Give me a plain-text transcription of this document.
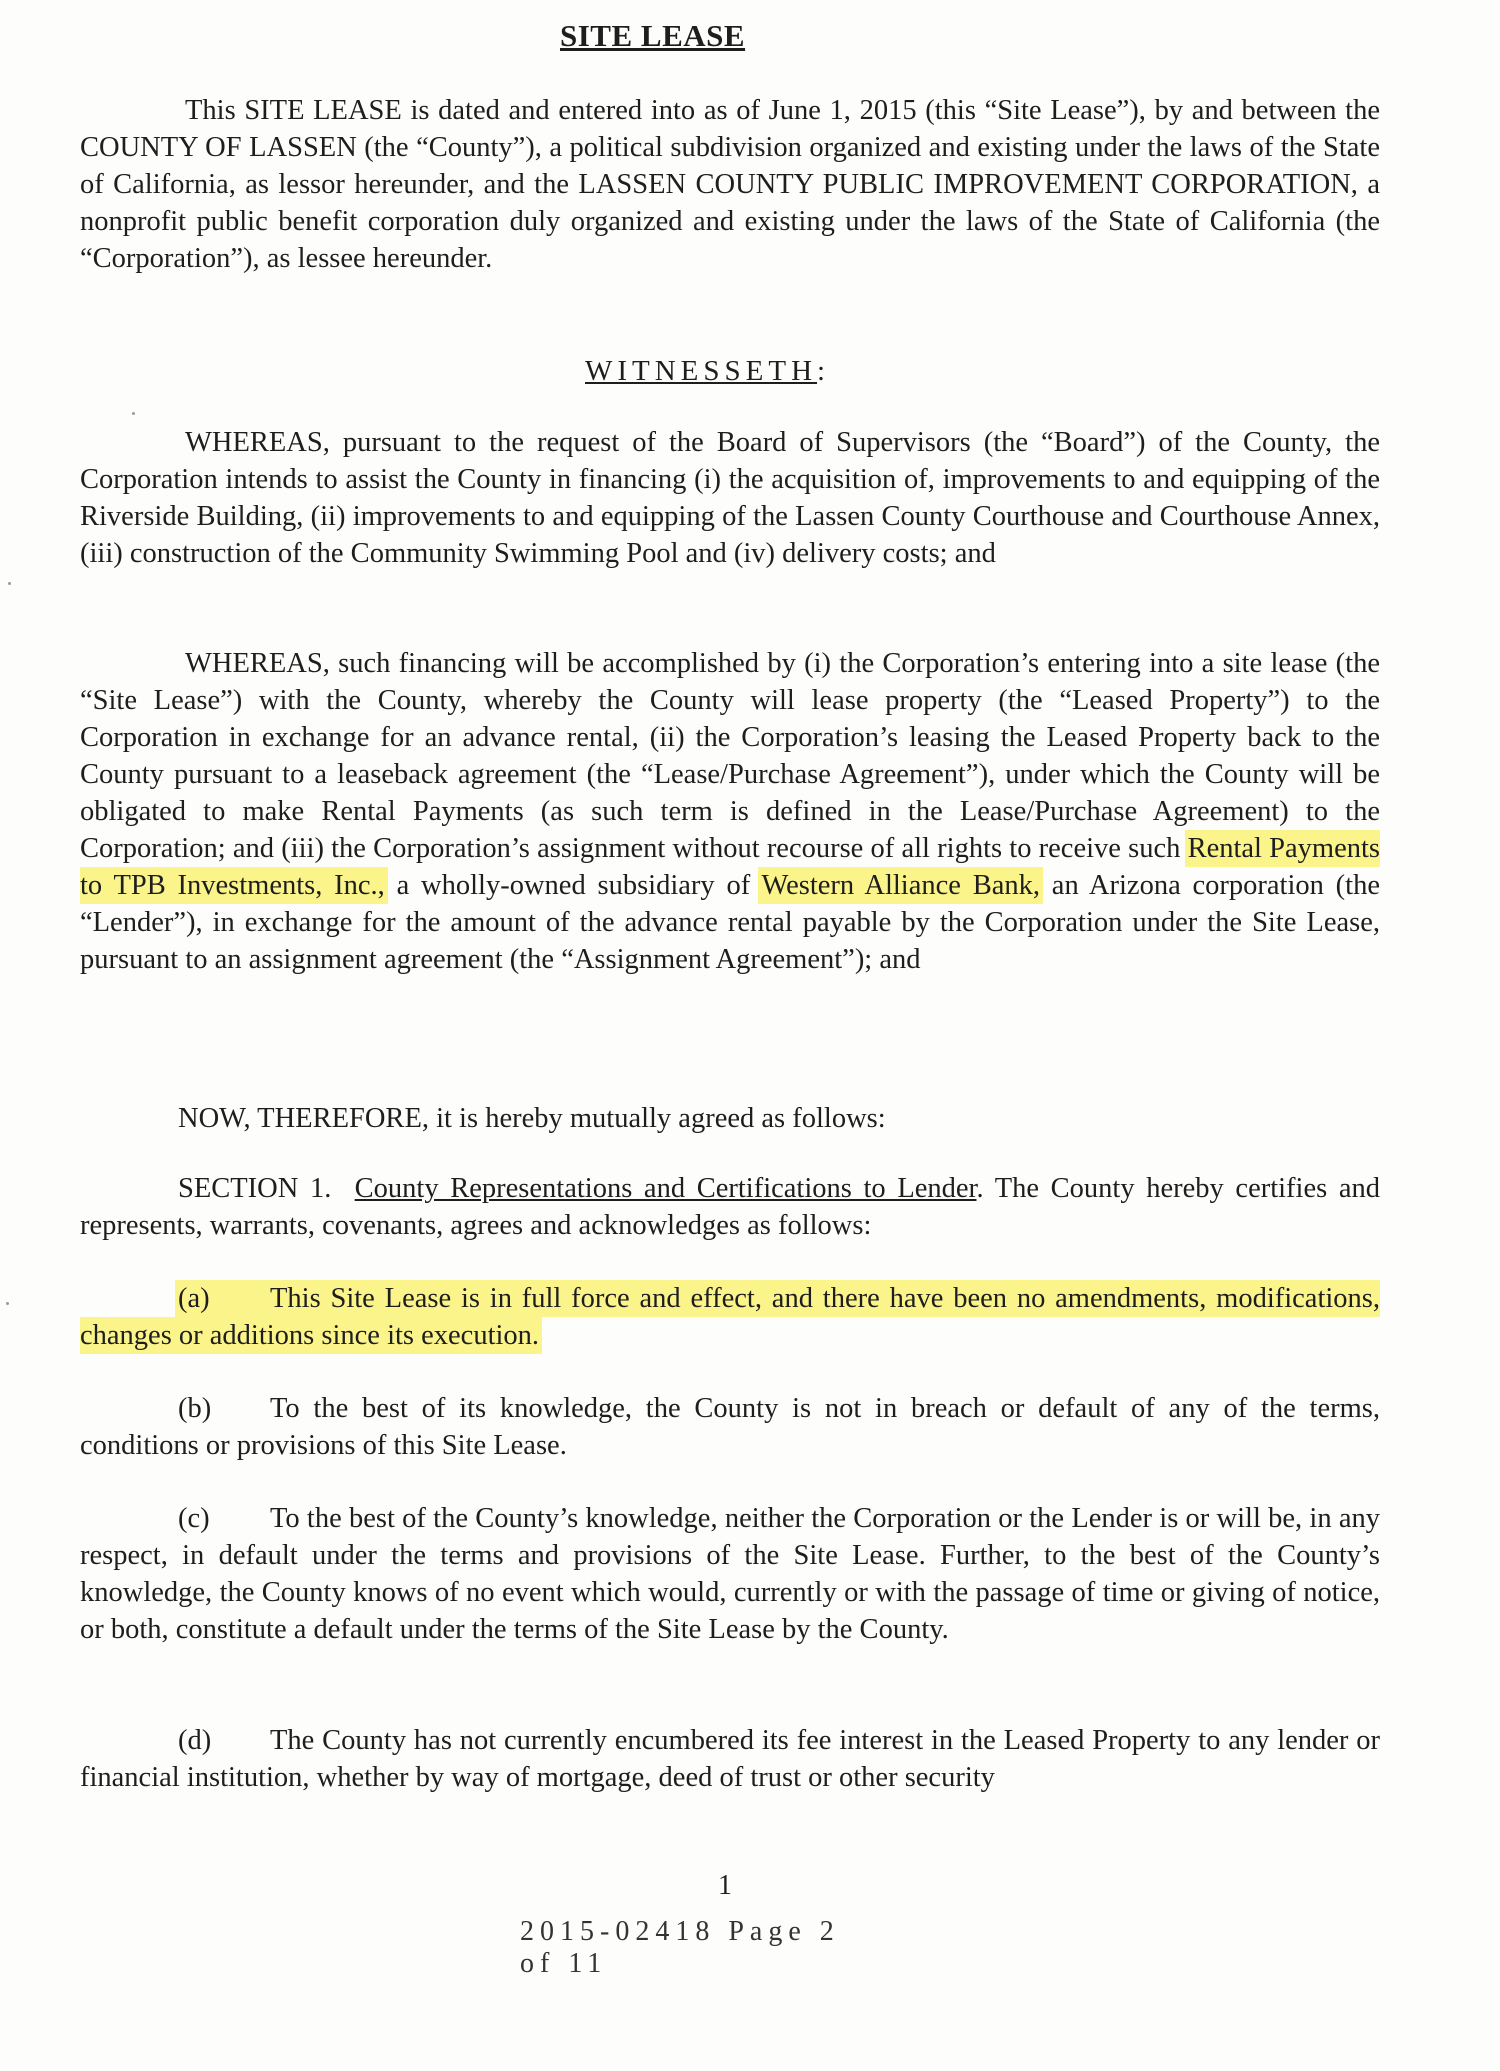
SITE LEASE

This SITE LEASE is dated and entered into as of June 1, 2015 (this “Site Lease”), by and between the COUNTY OF LASSEN (the “County”), a political subdivision organized and existing under the laws of the State of California, as lessor hereunder, and the LASSEN COUNTY PUBLIC IMPROVEMENT CORPORATION, a nonprofit public benefit corporation duly organized and existing under the laws of the State of California (the “Corporation”), as lessee hereunder.

WITNESSETH:

WHEREAS, pursuant to the request of the Board of Supervisors (the “Board”) of the County, the Corporation intends to assist the County in financing (i) the acquisition of, improvements to and equipping of the Riverside Building, (ii) improvements to and equipping of the Lassen County Courthouse and Courthouse Annex, (iii) construction of the Community Swimming Pool and (iv) delivery costs; and

WHEREAS, such financing will be accomplished by (i) the Corporation’s entering into a site lease (the “Site Lease”) with the County, whereby the County will lease property (the “Leased Property”) to the Corporation in exchange for an advance rental, (ii) the Corporation’s leasing the Leased Property back to the County pursuant to a leaseback agreement (the “Lease/Purchase Agreement”), under which the County will be obligated to make Rental Payments (as such term is defined in the Lease/Purchase Agreement) to the Corporation; and (iii) the Corporation’s assignment without recourse of all rights to receive such Rental Payments to TPB Investments, Inc., a wholly-owned subsidiary of Western Alliance Bank, an Arizona corporation (the “Lender”), in exchange for the amount of the advance rental payable by the Corporation under the Site Lease, pursuant to an assignment agreement (the “Assignment Agreement”); and

NOW, THEREFORE, it is hereby mutually agreed as follows:

SECTION 1. County Representations and Certifications to Lender. The County hereby certifies and represents, warrants, covenants, agrees and acknowledges as follows:

(a) This Site Lease is in full force and effect, and there have been no amendments, modifications, changes or additions since its execution.

(b) To the best of its knowledge, the County is not in breach or default of any of the terms, conditions or provisions of this Site Lease.

(c) To the best of the County’s knowledge, neither the Corporation or the Lender is or will be, in any respect, in default under the terms and provisions of the Site Lease. Further, to the best of the County’s knowledge, the County knows of no event which would, currently or with the passage of time or giving of notice, or both, constitute a default under the terms of the Site Lease by the County.

(d) The County has not currently encumbered its fee interest in the Leased Property to any lender or financial institution, whether by way of mortgage, deed of trust or other security

1
2015-02418 Page 2 of 11
